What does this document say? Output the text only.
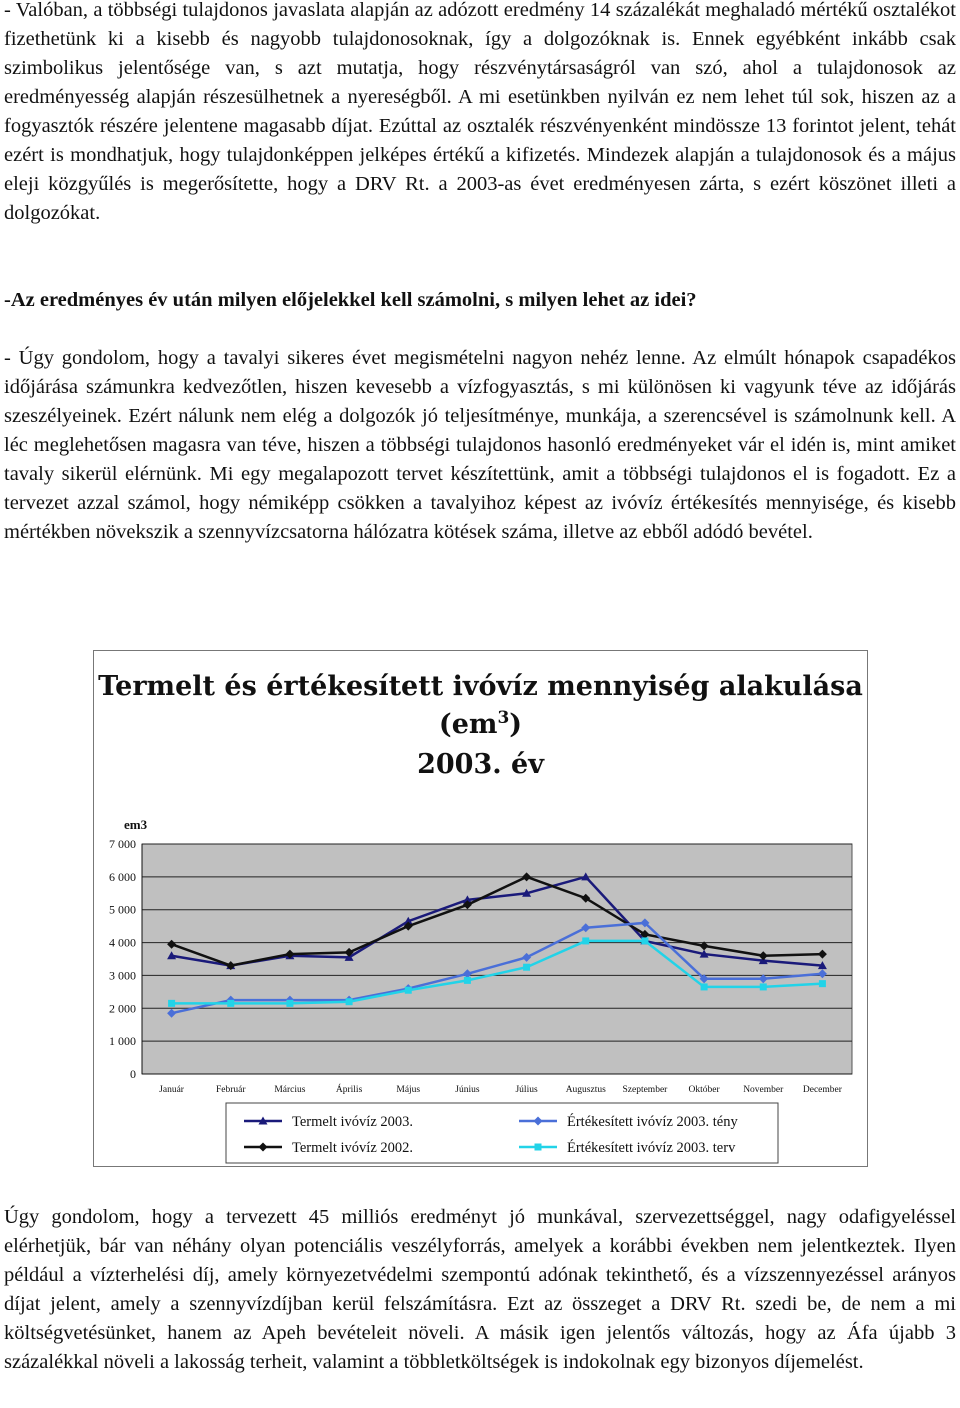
- Valóban, a többségi tulajdonos javaslata alapján az adózott eredmény 14 százalékát meghaladó mértékű osztalékot fizethetünk ki a kisebb és nagyobb tulajdonosoknak, így a dolgozóknak is. Ennek egyébként inkább csak szimbolikus jelentősége van, s azt mutatja, hogy részvénytársaságról van szó, ahol a tulajdonosok az eredményesség alapján részesülhetnek a nyereségből. A mi esetünkben nyilván ez nem lehet túl sok, hiszen az a fogyasztók részére jelentene magasabb díjat. Ezúttal az osztalék részvényenként mindössze 13 forintot jelent, tehát ezért is mondhatjuk, hogy tulajdonképpen jelképes értékű a kifizetés. Mindezek alapján a tulajdonosok és a május eleji közgyűlés is megerősítette, hogy a DRV Rt. a 2003-as évet eredményesen zárta, s ezért köszönet illeti a dolgozókat.

-Az eredményes év után milyen előjelekkel kell számolni, s milyen lehet az idei?

- Úgy gondolom, hogy a tavalyi sikeres évet megismételni nagyon nehéz lenne. Az elmúlt hónapok csapadékos időjárása számunkra kedvezőtlen, hiszen kevesebb a vízfogyasztás, s mi különösen ki vagyunk téve az időjárás szeszélyeinek. Ezért nálunk nem elég a dolgozók jó teljesítménye, munkája, a szerencsével is számolnunk kell. A léc meglehetősen magasra van téve, hiszen a többségi tulajdonos hasonló eredményeket vár el idén is, mint amiket tavaly sikerül elérnünk. Mi egy megalapozott tervet készítettünk, amit a többségi tulajdonos el is fogadott. Ez a tervezet azzal számol, hogy némiképp csökken a tavalyihoz képest az ivóvíz értékesítés mennyisége, és kisebb mértékben növekszik a szennyvízcsatorna hálózatra kötések száma, illetve az ebből adódó bevétel.

Termelt és értékesített ivóvíz mennyiség alakulása

$(em^3)$

2003. év

em3
0
1 000
2 000
3 000
4 000
5 000
6 000
7 000
Január	Február	Március	Április	Május	Június	Július	Augusztus Szeptember Október November December
Termelt ivóvíz 2003.
Termelt ivóvíz 2002.
Értékesített ivóvíz 2003. tény
Értékesített ivóvíz 2003. terv

Úgy gondolom, hogy a tervezett 45 milliós eredményt jó munkával, szervezettséggel, nagy odafigyeléssel elérhetjük, bár van néhány olyan potenciális veszélyforrás, amelyek a korábbi években nem jelentkeztek. Ilyen például a vízterhelési díj, amely környezetvédelmi szempontú adónak tekinthető, és a vízszennyezéssel arányos díjat jelent, amely a szennyvízdíjban kerül felszámításra. Ezt az összeget a DRV Rt. szedi be, de nem a mi költségvetésünket, hanem az Apeh bevételeit növeli. A másik igen jelentős változás, hogy az Áfa újabb 3 százalékkal növeli a lakosság terheit, valamint a többletköltségek is indokolnak egy bizonyos díjemelést.
